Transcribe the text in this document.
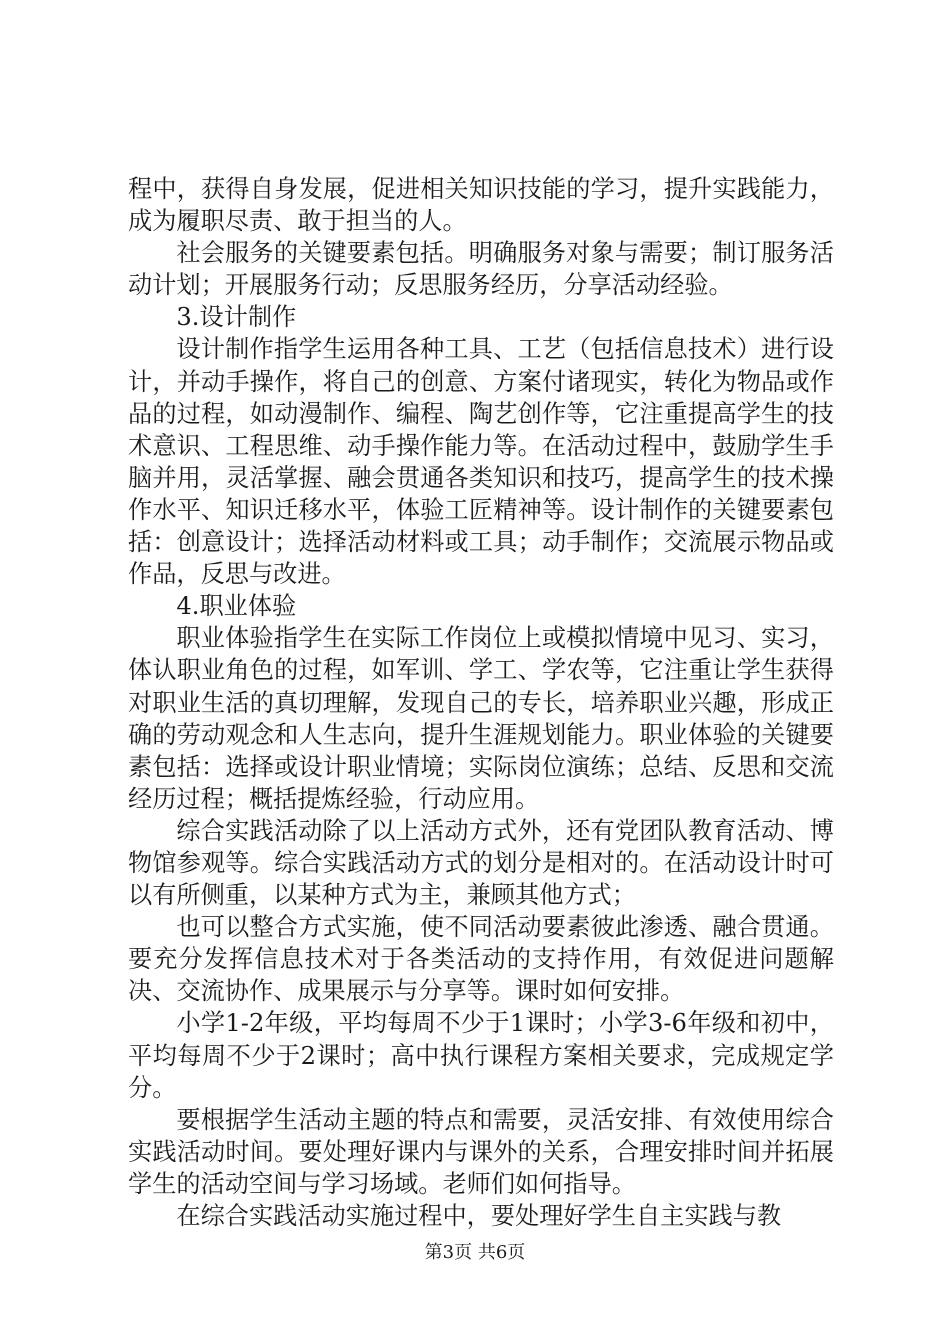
程中，获得自身发展，促进相关知识技能的学习，提升实践能力，成为履职尽责、敢于担当的人。

社会服务的关键要素包括。明确服务对象与需要；制订服务活动计划；开展服务行动；反思服务经历，分享活动经验。

3.设计制作

设计制作指学生运用各种工具、工艺（包括信息技术）进行设计，并动手操作，将自己的创意、方案付诸现实，转化为物品或作品的过程，如动漫制作、编程、陶艺创作等，它注重提高学生的技术意识、工程思维、动手操作能力等。在活动过程中，鼓励学生手脑并用，灵活掌握、融会贯通各类知识和技巧，提高学生的技术操作水平、知识迁移水平，体验工匠精神等。设计制作的关键要素包括：创意设计；选择活动材料或工具；动手制作；交流展示物品或作品，反思与改进。

4.职业体验

职业体验指学生在实际工作岗位上或模拟情境中见习、实习，体认职业角色的过程，如军训、学工、学农等，它注重让学生获得对职业生活的真切理解，发现自己的专长，培养职业兴趣，形成正确的劳动观念和人生志向，提升生涯规划能力。职业体验的关键要素包括：选择或设计职业情境；实际岗位演练；总结、反思和交流经历过程；概括提炼经验，行动应用。

综合实践活动除了以上活动方式外，还有党团队教育活动、博物馆参观等。综合实践活动方式的划分是相对的。在活动设计时可以有所侧重，以某种方式为主，兼顾其他方式；

也可以整合方式实施，使不同活动要素彼此渗透、融合贯通。要充分发挥信息技术对于各类活动的支持作用，有效促进问题解决、交流协作、成果展示与分享等。课时如何安排。

小学1-2年级，平均每周不少于1课时；小学3-6年级和初中，平均每周不少于2课时；高中执行课程方案相关要求，完成规定学分。

要根据学生活动主题的特点和需要，灵活安排、有效使用综合实践活动时间。要处理好课内与课外的关系，合理安排时间并拓展学生的活动空间与学习场域。老师们如何指导。

在综合实践活动实施过程中，要处理好学生自主实践与教

第3页 共6页
